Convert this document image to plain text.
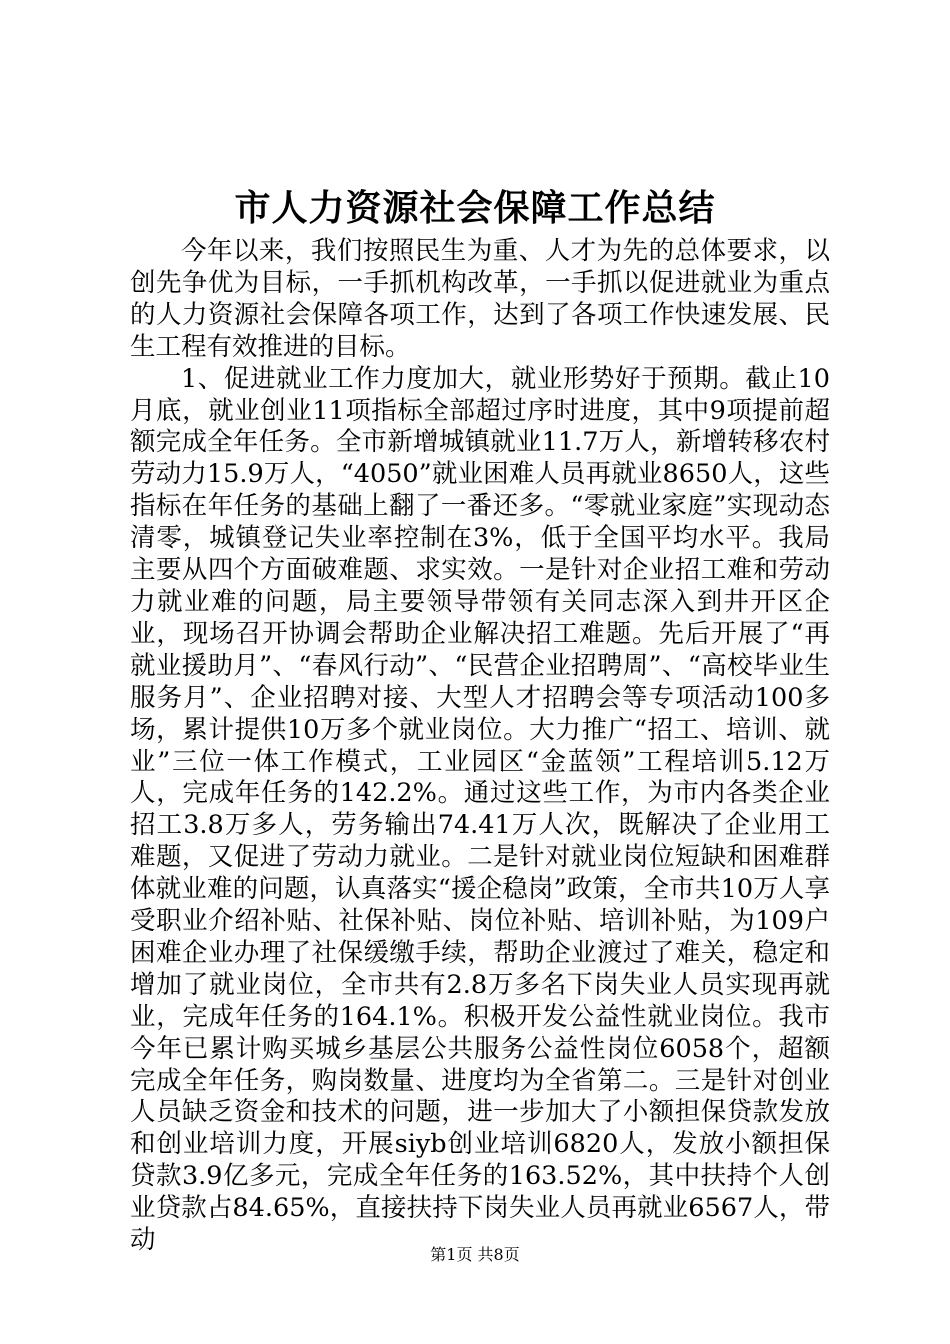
市人力资源社会保障工作总结

今年以来，我们按照民生为重、人才为先的总体要求，以创先争优为目标，一手抓机构改革，一手抓以促进就业为重点的人力资源社会保障各项工作，达到了各项工作快速发展、民生工程有效推进的目标。

1、促进就业工作力度加大，就业形势好于预期。截止10月底，就业创业11项指标全部超过序时进度，其中9项提前超额完成全年任务。全市新增城镇就业11.7万人，新增转移农村劳动力15.9万人，“4050”就业困难人员再就业8650人，这些指标在年任务的基础上翻了一番还多。“零就业家庭”实现动态清零，城镇登记失业率控制在3%，低于全国平均水平。我局主要从四个方面破难题、求实效。一是针对企业招工难和劳动力就业难的问题，局主要领导带领有关同志深入到井开区企业，现场召开协调会帮助企业解决招工难题。先后开展了“再就业援助月”、“春风行动”、“民营企业招聘周”、“高校毕业生服务月”、企业招聘对接、大型人才招聘会等专项活动100多场，累计提供10万多个就业岗位。大力推广“招工、培训、就业”三位一体工作模式，工业园区“金蓝领”工程培训5.12万人，完成年任务的142.2%。通过这些工作，为市内各类企业招工3.8万多人，劳务输出74.41万人次，既解决了企业用工难题，又促进了劳动力就业。二是针对就业岗位短缺和困难群体就业难的问题，认真落实“援企稳岗”政策，全市共10万人享受职业介绍补贴、社保补贴、岗位补贴、培训补贴，为109户困难企业办理了社保缓缴手续，帮助企业渡过了难关，稳定和增加了就业岗位，全市共有2.8万多名下岗失业人员实现再就业，完成年任务的164.1%。积极开发公益性就业岗位。我市今年已累计购买城乡基层公共服务公益性岗位6058个，超额完成全年任务，购岗数量、进度均为全省第二。三是针对创业人员缺乏资金和技术的问题，进一步加大了小额担保贷款发放和创业培训力度，开展siyb创业培训6820人，发放小额担保贷款3.9亿多元，完成全年任务的163.52%，其中扶持个人创业贷款占84.65%，直接扶持下岗失业人员再就业6567人，带动	第1页 共8页
